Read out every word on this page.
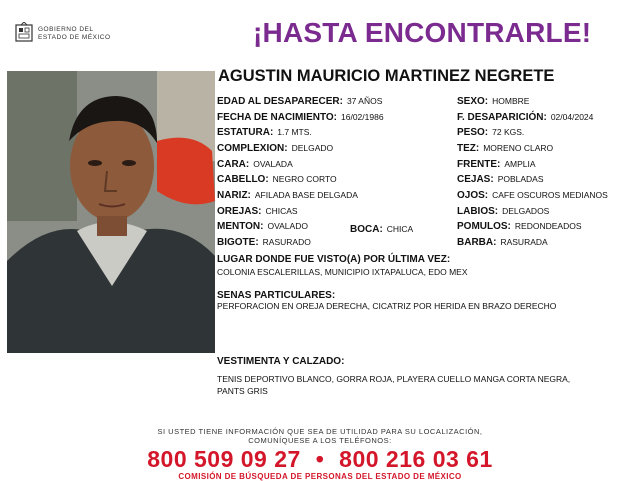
GOBIERNO DEL
ESTADO DE MÉXICO	¡HASTA ENCONTRARLE!
AGUSTIN MAURICIO MARTINEZ NEGRETE
EDAD AL DESAPARECER: 37 AÑOS
FECHA DE NACIMIENTO: 16/02/1986
ESTATURA: 1.7 MTS.
COMPLEXION: DELGADO
CARA: OVALADA
CABELLO: NEGRO CORTO
NARIZ: AFILADA BASE DELGADA
OREJAS: CHICAS
MENTON: OVALADO
BIGOTE: RASURADO
BOCA: CHICA
SEXO: HOMBRE
F. DESAPARICIÓN: 02/04/2024
PESO: 72 KGS.
TEZ: MORENO CLARO
FRENTE: AMPLIA
CEJAS: POBLADAS
OJOS: CAFE OSCUROS MEDIANOS
LABIOS: DELGADOS
POMULOS: REDONDEADOS
BARBA: RASURADA
LUGAR DONDE FUE VISTO(A) POR ÚLTIMA VEZ:
COLONIA ESCALERILLAS, MUNICIPIO IXTAPALUCA, EDO MEX
SENAS PARTICULARES:
PERFORACION EN OREJA DERECHA, CICATRIZ POR HERIDA EN BRAZO DERECHO
VESTIMENTA Y CALZADO:
TENIS DEPORTIVO BLANCO, GORRA ROJA, PLAYERA CUELLO MANGA CORTA NEGRA,
PANTS GRIS
SI USTED TIENE INFORMACIÓN QUE SEA DE UTILIDAD PARA SU LOCALIZACIÓN,
COMUNÍQUESE A LOS TELÉFONOS:
800 509 09 27 • 800 216 03 61
COMISIÓN DE BÚSQUEDA DE PERSONAS DEL ESTADO DE MÉXICO
